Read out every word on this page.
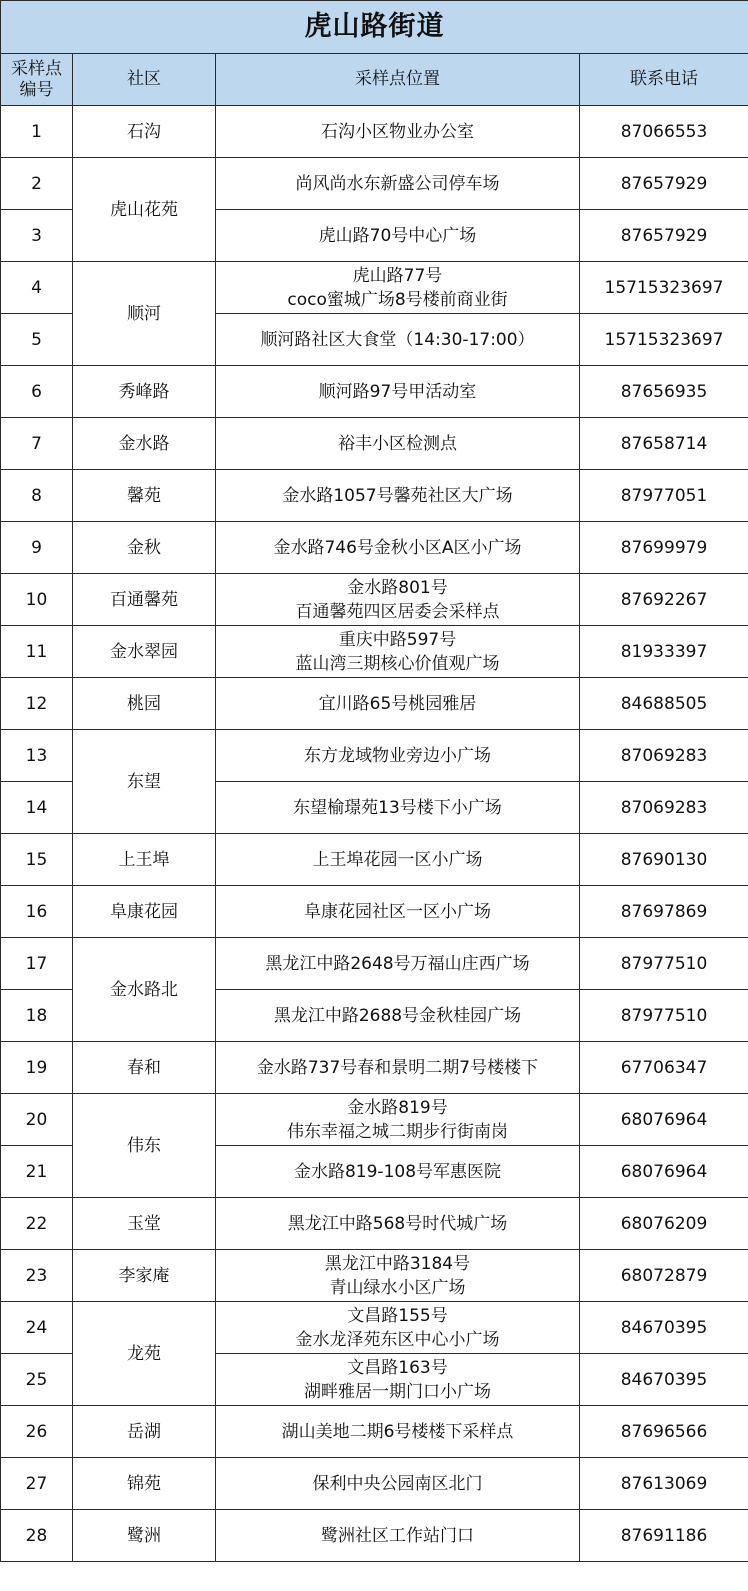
虎山路街道			

采样点
编号	社区	采样点位置	联系电话
1	石沟	石沟小区物业办公室	87066553
2	虎山花苑	尚风尚水东新盛公司停车场	87657929
3		虎山路70号中心广场	87657929
4	顺河	虎山路77号
coco蜜城广场8号楼前商业街	15715323697
5		顺河路社区大食堂（14:30-17:00）	15715323697
6	秀峰路	顺河路97号甲活动室	87656935
7	金水路	裕丰小区检测点	87658714
8	馨苑	金水路1057号馨苑社区大广场	87977051
9	金秋	金水路746号金秋小区A区小广场	87699979
10	百通馨苑	金水路801号
百通馨苑四区居委会采样点	87692267
11	金水翠园	重庆中路597号
蓝山湾三期核心价值观广场	81933397
12	桃园	宜川路65号桃园雅居	84688505
13	东望	东方龙域物业旁边小广场	87069283
14		东望榆璟苑13号楼下小广场	87069283
15	上王埠	上王埠花园一区小广场	87690130
16	阜康花园	阜康花园社区一区小广场	87697869
17	金水路北	黑龙江中路2648号万福山庄西广场	87977510
18		黑龙江中路2688号金秋桂园广场	87977510
19	春和	金水路737号春和景明二期7号楼楼下	67706347
20	伟东	金水路819号
伟东幸福之城二期步行街南岗	68076964
21		金水路819-108号军惠医院	68076964
22	玉堂	黑龙江中路568号时代城广场	68076209
23	李家庵	黑龙江中路3184号
青山绿水小区广场	68072879
24	龙苑	文昌路155号
金水龙泽苑东区中心小广场	84670395
25		文昌路163号
湖畔雅居一期门口小广场	84670395
26	岳湖	湖山美地二期6号楼楼下采样点	87696566
27	锦苑	保利中央公园南区北门	87613069
28	鹭洲	鹭洲社区工作站门口	87691186
